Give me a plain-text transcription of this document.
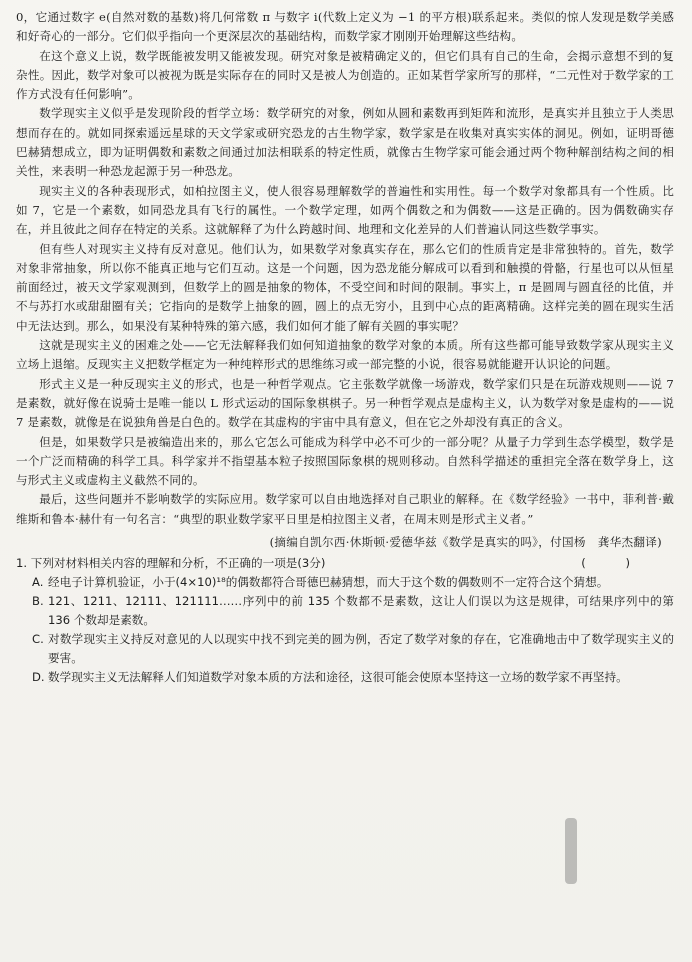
0，它通过数字 e(自然对数的基数)将几何常数 π 与数字 i(代数上定义为 −1 的平方根)联系起来。类似的惊人发现是数学美感和好奇心的一部分。它们似乎指向一个更深层次的基础结构，而数学家才刚刚开始理解这些结构。

在这个意义上说，数学既能被发明又能被发现。研究对象是被精确定义的，但它们具有自己的生命，会揭示意想不到的复杂性。因此，数学对象可以被视为既是实际存在的同时又是被人为创造的。正如某哲学家所写的那样，“二元性对于数学家的工作方式没有任何影响”。

数学现实主义似乎是发现阶段的哲学立场：数学研究的对象，例如从圆和素数再到矩阵和流形，是真实并且独立于人类思想而存在的。就如同探索遥远星球的天文学家或研究恐龙的古生物学家，数学家是在收集对真实实体的洞见。例如，证明哥德巴赫猜想成立，即为证明偶数和素数之间通过加法相联系的特定性质，就像古生物学家可能会通过两个物种解剖结构之间的相关性，来表明一种恐龙起源于另一种恐龙。

现实主义的各种表现形式，如柏拉图主义，使人很容易理解数学的普遍性和实用性。每一个数学对象都具有一个性质。比如 7，它是一个素数，如同恐龙具有飞行的属性。一个数学定理，如两个偶数之和为偶数——这是正确的。因为偶数确实存在，并且彼此之间存在特定的关系。这就解释了为什么跨越时间、地理和文化差异的人们普遍认同这些数学事实。

但有些人对现实主义持有反对意见。他们认为，如果数学对象真实存在，那么它们的性质肯定是非常独特的。首先，数学对象非常抽象，所以你不能真正地与它们互动。这是一个问题，因为恐龙能分解成可以看到和触摸的骨骼，行星也可以从恒星前面经过，被天文学家观测到，但数学上的圆是抽象的物体，不受空间和时间的限制。事实上，π 是圆周与圆直径的比值，并不与苏打水或甜甜圈有关；它指向的是数学上抽象的圆，圆上的点无穷小，且到中心点的距离精确。这样完美的圆在现实生活中无法达到。那么，如果没有某种特殊的第六感，我们如何才能了解有关圆的事实呢？

这就是现实主义的困难之处——它无法解释我们如何知道抽象的数学对象的本质。所有这些都可能导致数学家从现实主义立场上退缩。反现实主义把数学框定为一种纯粹形式的思维练习或一部完整的小说，很容易就能避开认识论的问题。

形式主义是一种反现实主义的形式，也是一种哲学观点。它主张数学就像一场游戏，数学家们只是在玩游戏规则——说 7 是素数，就好像在说骑士是唯一能以 L 形式运动的国际象棋棋子。另一种哲学观点是虚构主义，认为数学对象是虚构的——说 7 是素数，就像是在说独角兽是白色的。数学在其虚构的宇宙中具有意义，但在它之外却没有真正的含义。

但是，如果数学只是被编造出来的，那么它怎么可能成为科学中必不可少的一部分呢？从量子力学到生态学模型，数学是一个广泛而精确的科学工具。科学家并不指望基本粒子按照国际象棋的规则移动。自然科学描述的重担完全落在数学身上，这与形式主义或虚构主义截然不同的。

最后，这些问题并不影响数学的实际应用。数学家可以自由地选择对自己职业的解释。在《数学经验》一书中，菲利普·戴维斯和鲁本·赫什有一句名言：“典型的职业数学家平日里是柏拉图主义者，在周末则是形式主义者。”

(摘编自凯尔西·休斯顿·爱德华兹《数学是真实的吗》，付国杨　龚华杰翻译)
1. 下列对材料相关内容的理解和分析，不正确的一项是(3分)	( )
A. 经电子计算机验证，小于(4×10)¹⁸的偶数都符合哥德巴赫猜想，而大于这个数的偶数则不一定符合这个猜想。
B. 121、1211、12111、121111……序列中的前 135 个数都不是素数，这让人们误以为这是规律，可结果序列中的第 136 个数却是素数。
C. 对数学现实主义持反对意见的人以现实中找不到完美的圆为例，否定了数学对象的存在，它准确地击中了数学现实主义的要害。
D. 数学现实主义无法解释人们知道数学对象本质的方法和途径，这很可能会使原本坚持这一立场的数学家不再坚持。
